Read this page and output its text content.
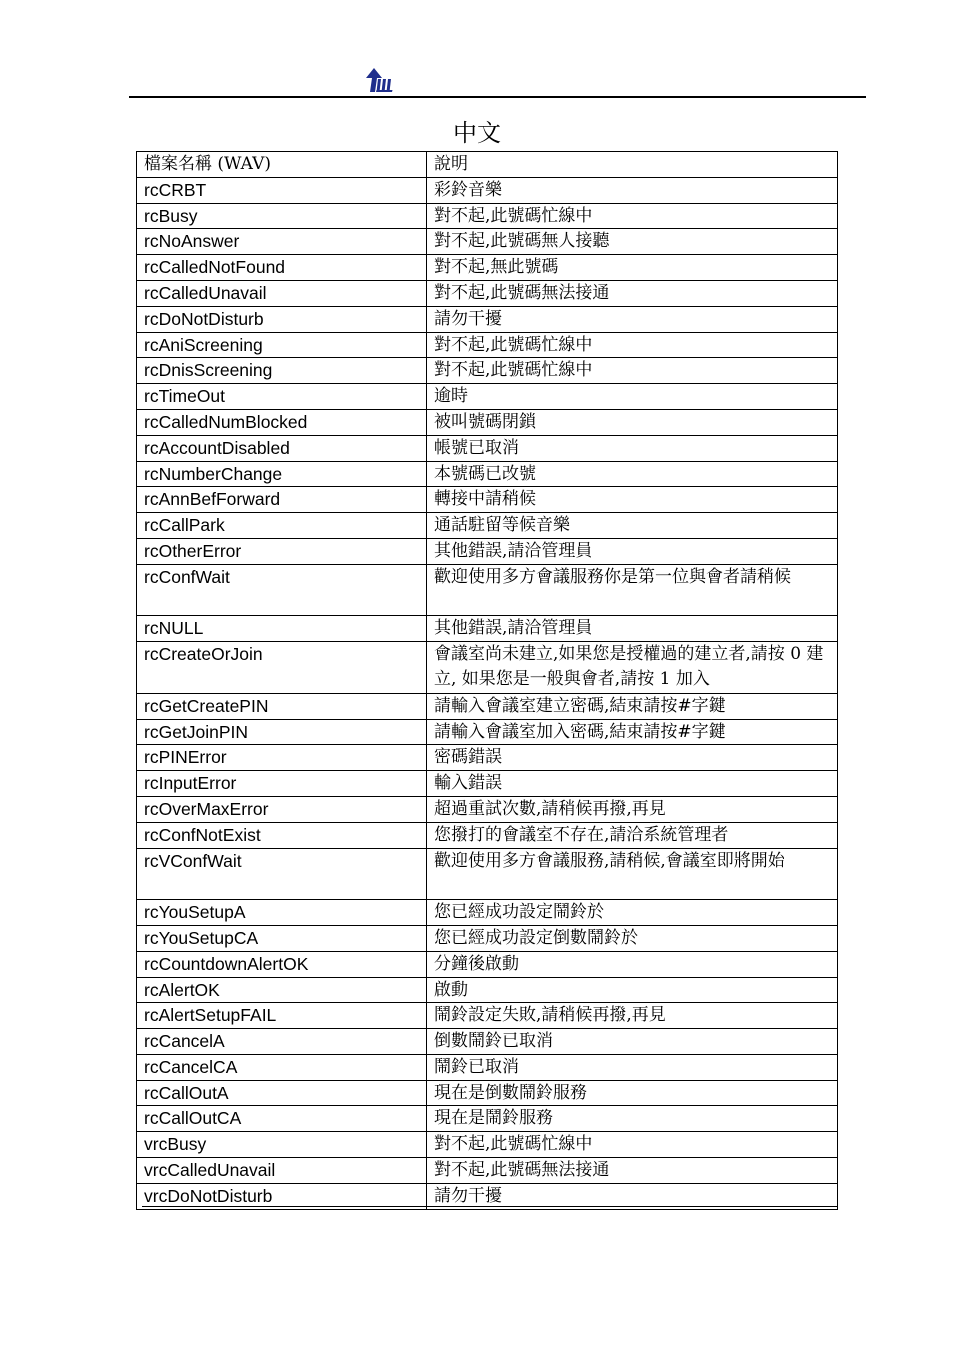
中文
檔案名稱 (WAV)	說明
rcCRBT	彩鈴音樂
rcBusy	對不起,此號碼忙線中
rcNoAnswer	對不起,此號碼無人接聽
rcCalledNotFound	對不起,無此號碼
rcCalledUnavail	對不起,此號碼無法接通
rcDoNotDisturb	請勿干擾
rcAniScreening	對不起,此號碼忙線中
rcDnisScreening	對不起,此號碼忙線中
rcTimeOut	逾時
rcCalledNumBlocked	被叫號碼閉鎖
rcAccountDisabled	帳號已取消
rcNumberChange	本號碼已改號
rcAnnBefForward	轉接中請稍候
rcCallPark	通話駐留等候音樂
rcOtherError	其他錯誤,請洽管理員
rcConfWait	歡迎使用多方會議服務你是第一位與會者請稍候
rcNULL	其他錯誤,請洽管理員
rcCreateOrJoin	會議室尚未建立,如果您是授權過的建立者,請按 0 建立, 如果您是一般與會者,請按 1 加入
rcGetCreatePIN	請輸入會議室建立密碼,結束請按#字鍵
rcGetJoinPIN	請輸入會議室加入密碼,結束請按#字鍵
rcPINError	密碼錯誤
rcInputError	輸入錯誤
rcOverMaxError	超過重試次數,請稍候再撥,再見
rcConfNotExist	您撥打的會議室不存在,請洽系統管理者
rcVConfWait	歡迎使用多方會議服務,請稍候,會議室即將開始
rcYouSetupA	您已經成功設定鬧鈴於
rcYouSetupCA	您已經成功設定倒數鬧鈴於
rcCountdownAlertOK	分鐘後啟動
rcAlertOK	啟動
rcAlertSetupFAIL	鬧鈴設定失敗,請稍候再撥,再見
rcCancelA	倒數鬧鈴已取消
rcCancelCA	鬧鈴已取消
rcCallOutA	現在是倒數鬧鈴服務
rcCallOutCA	現在是鬧鈴服務
vrcBusy	對不起,此號碼忙線中
vrcCalledUnavail	對不起,此號碼無法接通
vrcDoNotDisturb	請勿干擾
